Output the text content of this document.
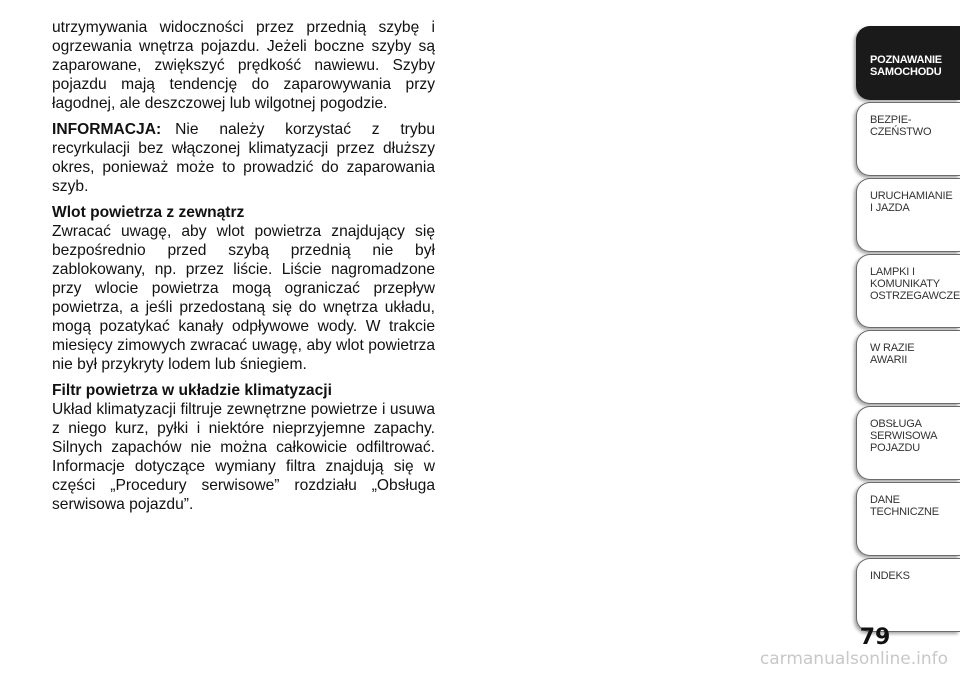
utrzymywania widoczności przez przednią szybę i ogrzewania wnętrza pojazdu. Jeżeli boczne szyby są zaparowane, zwiększyć prędkość nawiewu. Szyby pojazdu mają tendencję do zaparowywania przy łagodnej, ale deszczowej lub wilgotnej pogodzie.

INFORMACJA: Nie należy korzystać z trybu recyrkulacji bez włączonej klimatyzacji przez dłuższy okres, ponieważ może to prowadzić do zaparowania szyb.

Wlot powietrza z zewnątrz

Zwracać uwagę, aby wlot powietrza znajdujący się bezpośrednio przed szybą przednią nie był zablokowany, np. przez liście. Liście nagromadzone przy wlocie powietrza mogą ograniczać przepływ powietrza, a jeśli przedostaną się do wnętrza układu, mogą pozatykać kanały odpływowe wody. W trakcie miesięcy zimowych zwracać uwagę, aby wlot powietrza nie był przykryty lodem lub śniegiem.

Filtr powietrza w układzie klimatyzacji

Układ klimatyzacji filtruje zewnętrzne powietrze i usuwa z niego kurz, pyłki i niektóre nieprzyjemne zapachy. Silnych zapachów nie można całkowicie odfiltrować. Informacje dotyczące wymiany filtra znajdują się w części „Procedury serwisowe” rozdziału „Obsługa serwisowa pojazdu”.

POZNAWANIE
SAMOCHODU
BEZPIE-
CZEŃSTWO
URUCHAMIANIE
I JAZDA
LAMPKI I
KOMUNIKATY
OSTRZEGAWCZE
W RAZIE
AWARII
OBSŁUGA
SERWISOWA
POJAZDU
DANE
TECHNICZNE
INDEKS
79
carmanualsonline.info
